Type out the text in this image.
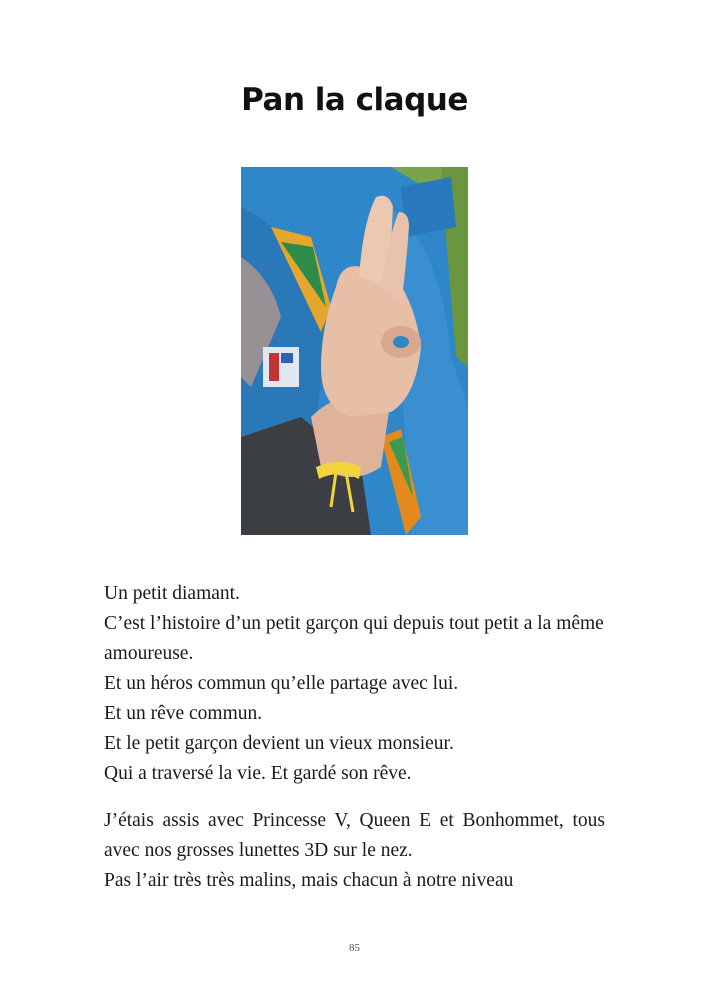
Pan la claque

Un petit diamant.

C’est l’histoire d’un petit garçon qui depuis tout petit a la même amoureuse.

Et un héros commun qu’elle partage avec lui.

Et un rêve commun.

Et le petit garçon devient un vieux monsieur.

Qui a traversé la vie. Et gardé son rêve.

J’étais assis avec Princesse V, Queen E et Bonhommet, tous avec nos grosses lunettes 3D sur le nez.

Pas l’air très très malins, mais chacun à notre niveau

85
